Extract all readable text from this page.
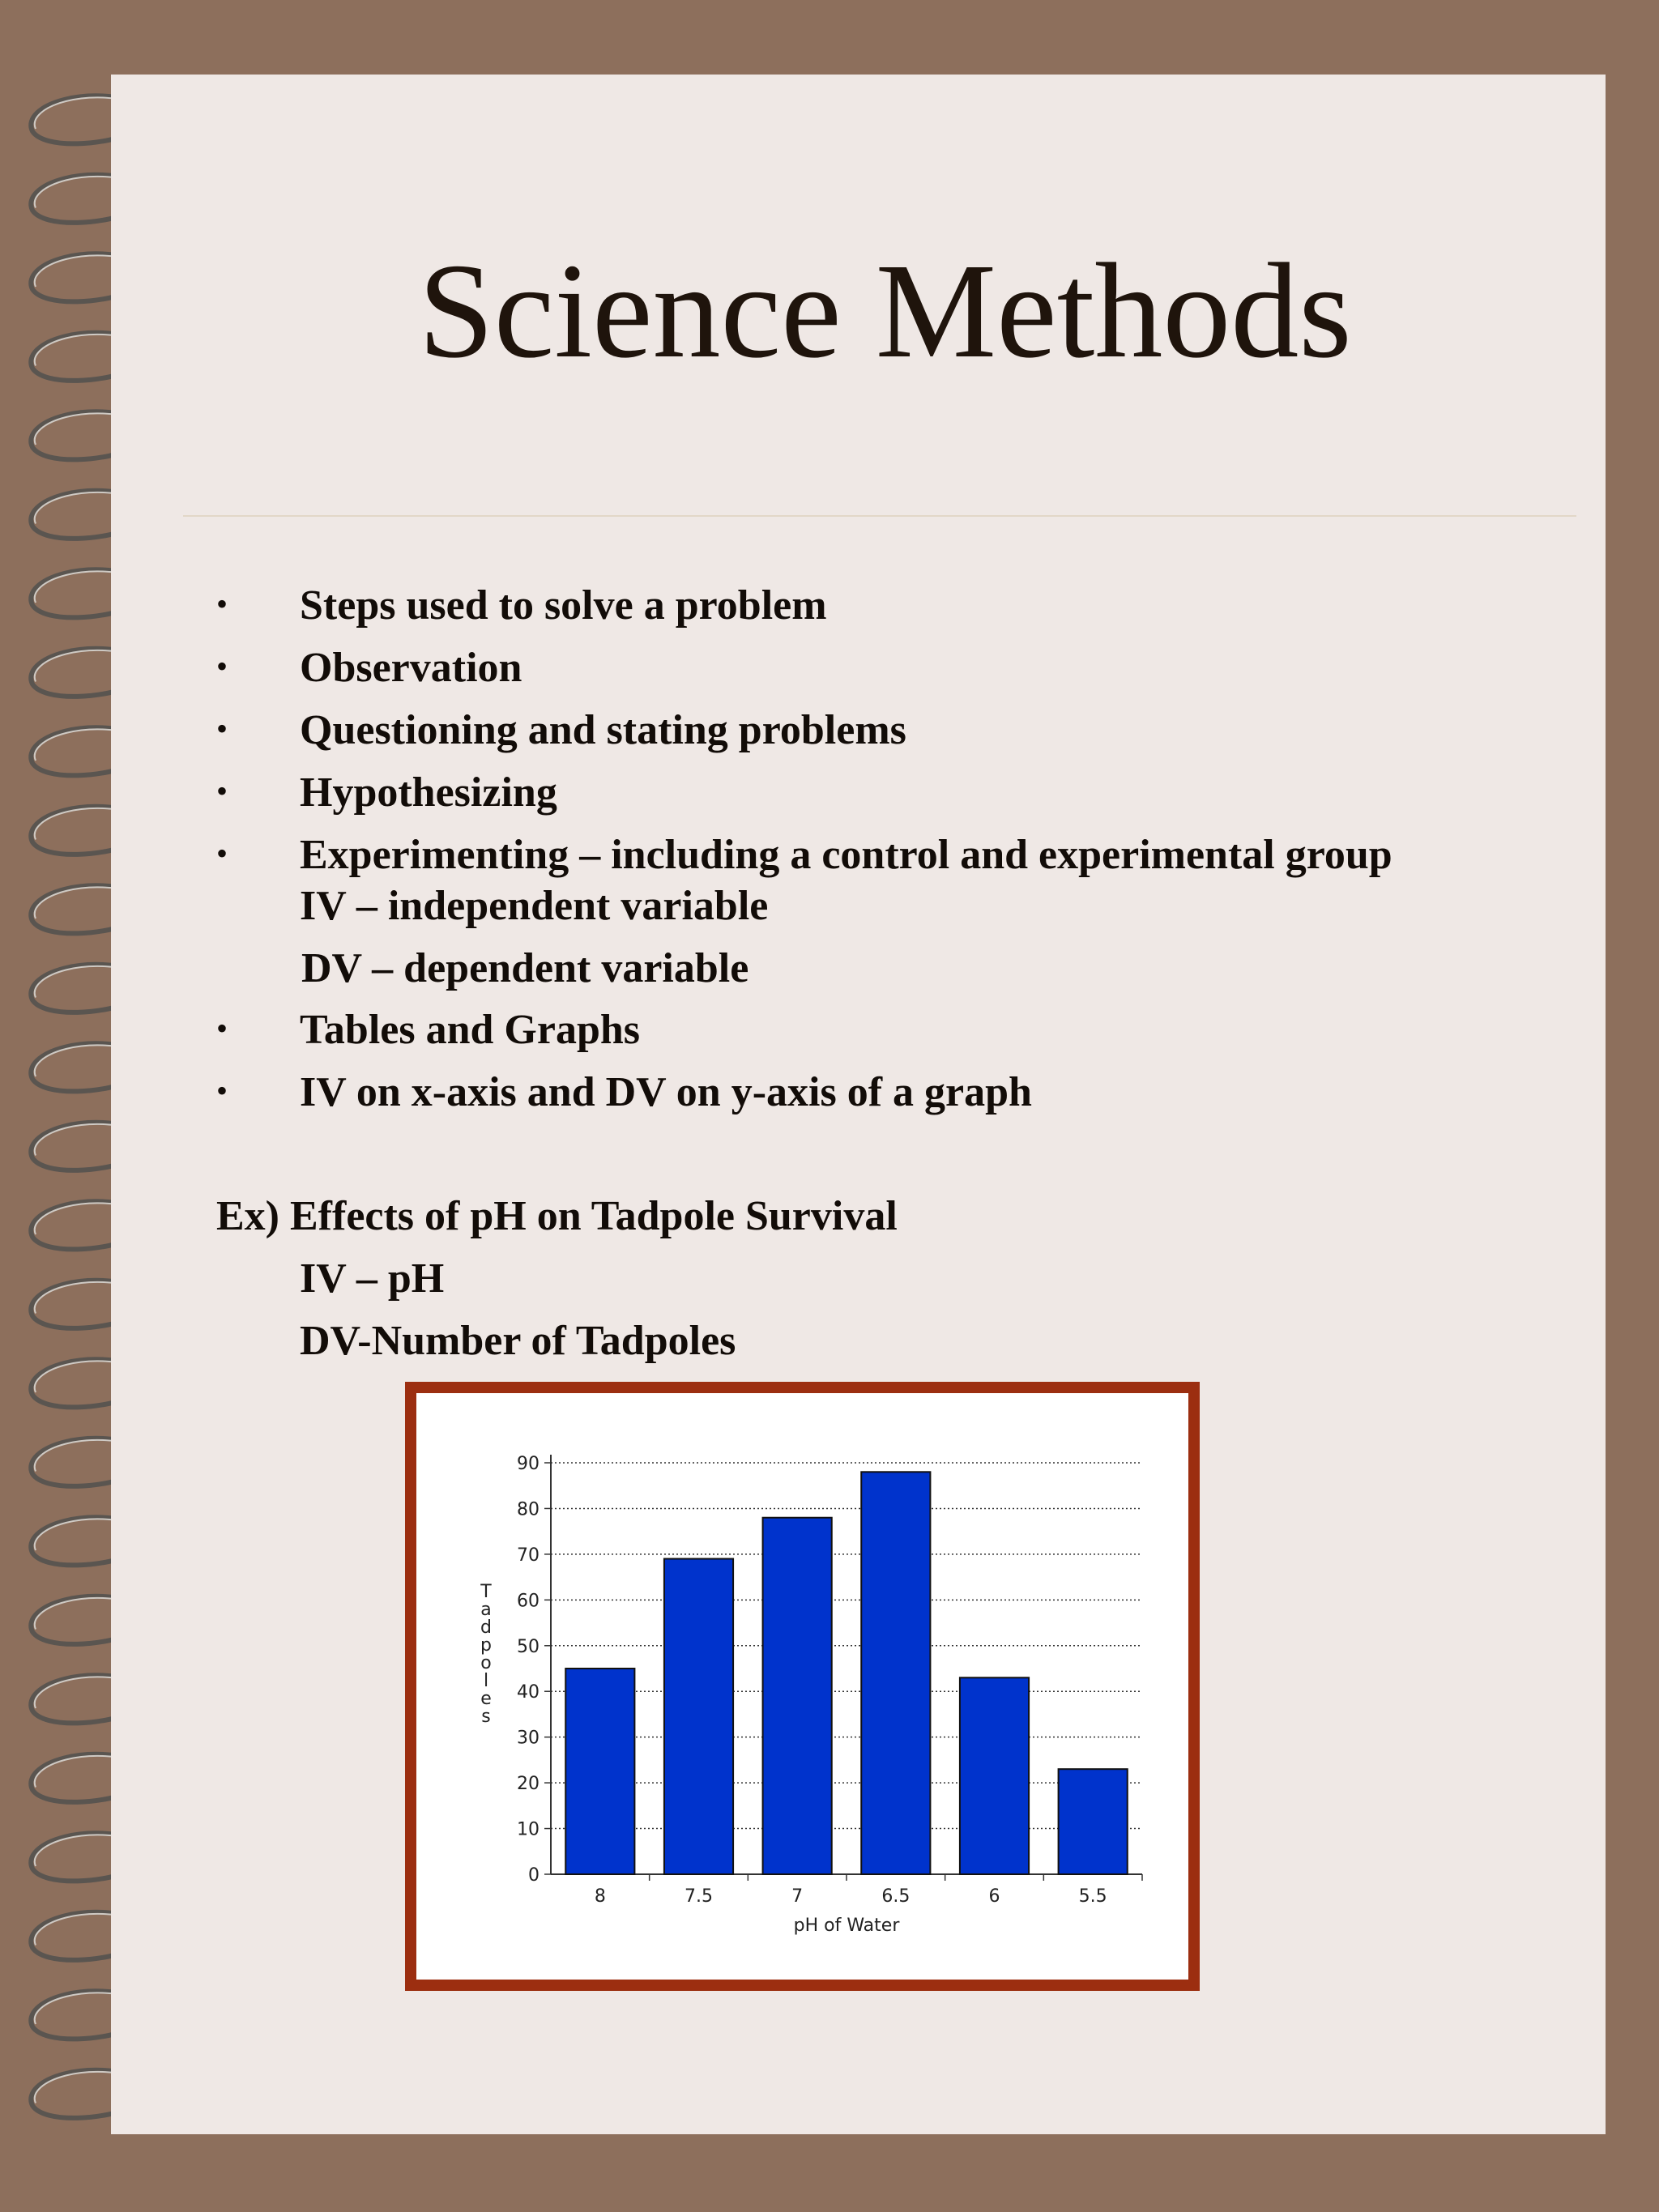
Science Methods
• Steps used to solve a problem
• Observation
• Questioning and stating problems
• Hypothesizing
• Experimenting – including a control and experimental group
IV – independent variable
DV – dependent variable
• Tables and Graphs
• IV on x-axis and DV on y-axis of a graph
Ex) Effects of pH on Tadpole Survival
IV – pH
DV-Number of Tadpoles
0
10
20
30
40
50
60
70
80
90
8	7.5	7	6.5	6	5.5
pH of Water
T a d p o l e s
